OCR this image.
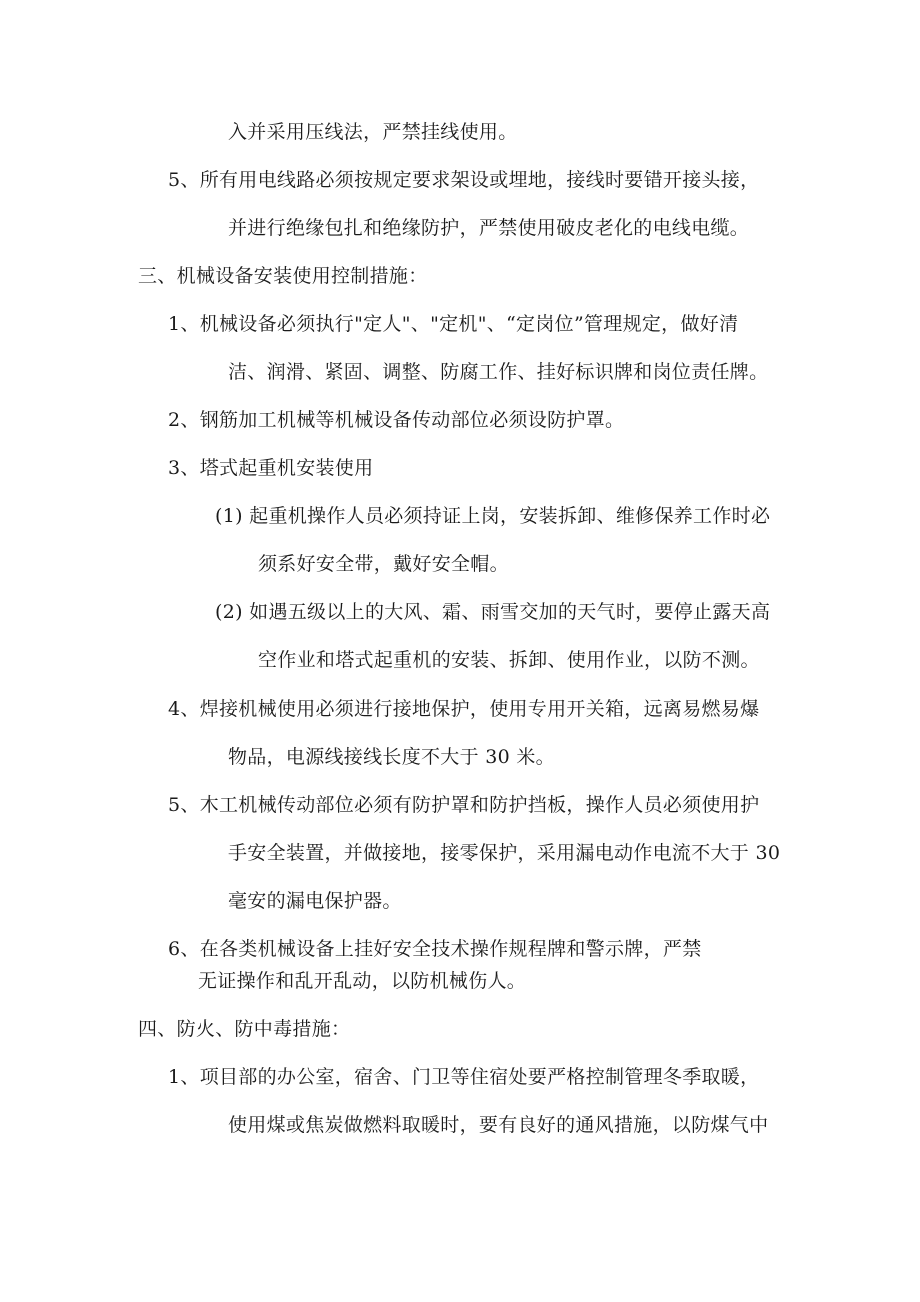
入并采用压线法，严禁挂线使用。
5、所有用电线路必须按规定要求架设或埋地，接线时要错开接头接，
并进行绝缘包扎和绝缘防护，严禁使用破皮老化的电线电缆。
三、机械设备安装使用控制措施：
1、机械设备必须执行"定人"、"定机"、“定岗位”管理规定，做好清
洁、润滑、紧固、调整、防腐工作、挂好标识牌和岗位责任牌。
2、钢筋加工机械等机械设备传动部位必须设防护罩。
3、塔式起重机安装使用
(1) 起重机操作人员必须持证上岗，安装拆卸、维修保养工作时必
须系好安全带，戴好安全帽。
(2) 如遇五级以上的大风、霜、雨雪交加的天气时，要停止露天高
空作业和塔式起重机的安装、拆卸、使用作业，以防不测。
4、焊接机械使用必须进行接地保护，使用专用开关箱，远离易燃易爆
物品，电源线接线长度不大于 30 米。
5、木工机械传动部位必须有防护罩和防护挡板，操作人员必须使用护
手安全装置，并做接地，接零保护，采用漏电动作电流不大于 30
毫安的漏电保护器。
6、在各类机械设备上挂好安全技术操作规程牌和警示牌，严禁
无证操作和乱开乱动，以防机械伤人。
四、防火、防中毒措施：
1、项目部的办公室，宿舍、门卫等住宿处要严格控制管理冬季取暖，
使用煤或焦炭做燃料取暖时，要有良好的通风措施，以防煤气中
